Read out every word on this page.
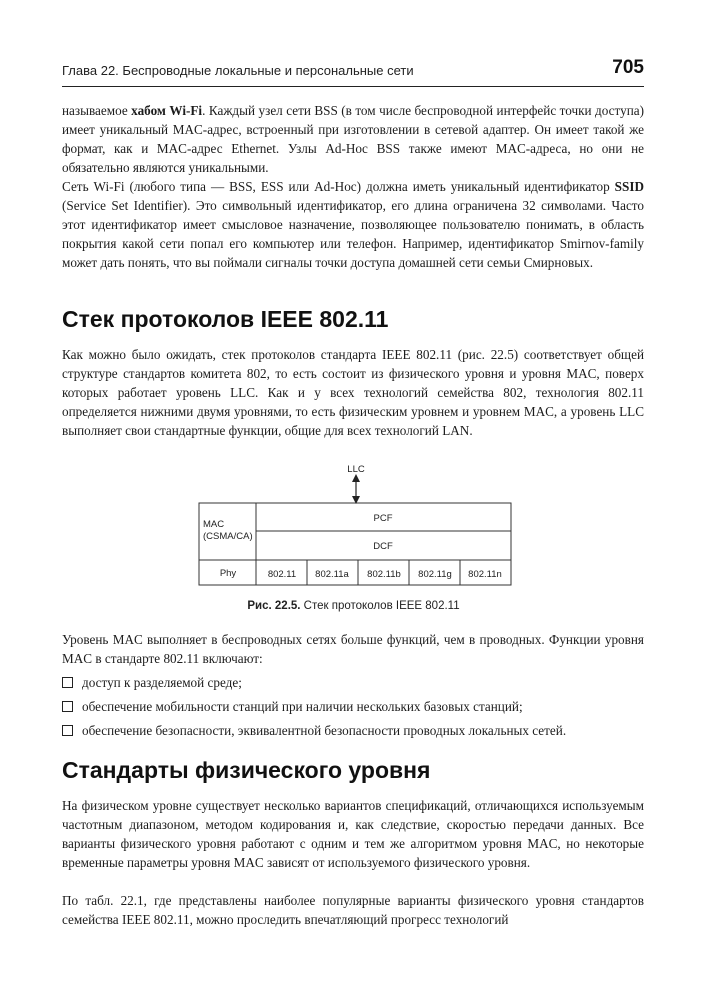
Глава 22. Беспроводные локальные и персональные сети	705

называемое хабом Wi-Fi. Каждый узел сети BSS (в том числе беспроводной интерфейс точки доступа) имеет уникальный MAC-адрес, встроенный при изготовлении в сетевой адаптер. Он имеет такой же формат, как и MAC-адрес Ethernet. Узлы Ad-Hoc BSS также имеют MAC-адреса, но они не обязательно являются уникальными.

Сеть Wi-Fi (любого типа — BSS, ESS или Ad-Hoc) должна иметь уникальный идентификатор SSID (Service Set Identifier). Это символьный идентификатор, его длина ограничена 32 символами. Часто этот идентификатор имеет смысловое назначение, позволяющее пользователю понимать, в область покрытия какой сети попал его компьютер или телефон. Например, идентификатор Smirnov-family может дать понять, что вы поймали сигналы точки доступа домашней сети семьи Смирновых.

Стек протоколов IEEE 802.11

Как можно было ожидать, стек протоколов стандарта IEEE 802.11 (рис. 22.5) соответствует общей структуре стандартов комитета 802, то есть состоит из физического уровня и уровня MAC, поверх которых работает уровень LLC. Как и у всех технологий семейства 802, технология 802.11 определяется нижними двумя уровнями, то есть физическим уровнем и уровнем MAC, а уровень LLC выполняет свои стандартные функции, общие для всех технологий LAN.

LLC
MAC
(CSMA/CA)
PCF
DCF
Phy	802.11 802.11a 802.11b 802.11g 802.11n
Рис. 22.5. Стек протоколов IEEE 802.11

Уровень MAC выполняет в беспроводных сетях больше функций, чем в проводных. Функции уровня MAC в стандарте 802.11 включают:

доступ к разделяемой среде;
обеспечение мобильности станций при наличии нескольких базовых станций;
обеспечение безопасности, эквивалентной безопасности проводных локальных сетей.
Стандарты физического уровня

На физическом уровне существует несколько вариантов спецификаций, отличающихся используемым частотным диапазоном, методом кодирования и, как следствие, скоростью передачи данных. Все варианты физического уровня работают с одним и тем же алгоритмом уровня MAC, но некоторые временные параметры уровня MAC зависят от используемого физического уровня.

По табл. 22.1, где представлены наиболее популярные варианты физического уровня стандартов семейства IEEE 802.11, можно проследить впечатляющий прогресс технологий
